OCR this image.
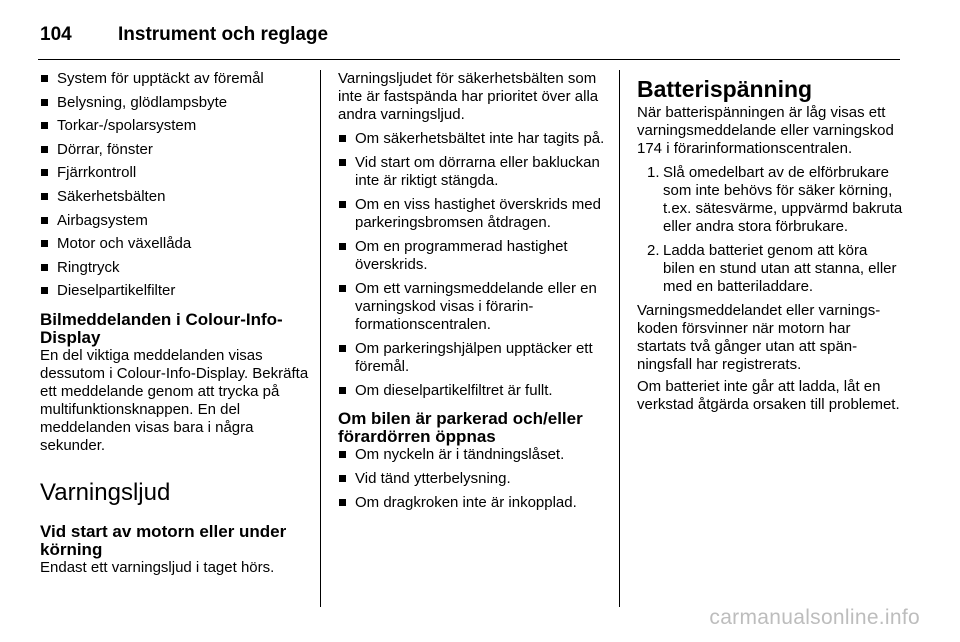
104	Instrument och reglage
System för upptäckt av föremål
Belysning, glödlampsbyte
Torkar-/spolarsystem
Dörrar, fönster
Fjärrkontroll
Säkerhetsbälten
Airbagsystem
Motor och växellåda
Ringtryck
Dieselpartikelfilter
Bilmeddelanden i Colour-Info-Display

En del viktiga meddelanden visas dessutom i Colour-Info-Display. Bekräfta ett meddelande genom att trycka på multifunktionsknappen. En del meddelanden visas bara i några sekunder.

Varningsljud
Vid start av motorn eller under körning

Endast ett varningsljud i taget hörs.

Varningsljudet för säkerhetsbälten som inte är fastspända har prioritet över alla andra varningsljud.

Om säkerhetsbältet inte har tagits på.
Vid start om dörrarna eller bakluckan inte är riktigt stängda.
Om en viss hastighet överskrids med parkeringsbromsen åtdragen.
Om en programmerad hastighet överskrids.
Om ett varningsmeddelande eller en varningskod visas i förarinformationscentralen.
Om parkeringshjälpen upptäcker ett föremål.
Om dieselpartikelfiltret är fullt.
Om bilen är parkerad och/eller förardörren öppnas
Om nyckeln är i tändningslåset.
Vid tänd ytterbelysning.
Om dragkroken inte är inkopplad.
Batterispänning

När batterispänningen är låg visas ett varningsmeddelande eller varningskod 174 i förarinformationscentralen.

1. Slå omedelbart av de elförbrukare som inte behövs för säker körning, t.ex. sätesvärme, uppvärmd bakruta eller andra stora förbrukare.
2. Ladda batteriet genom att köra bilen en stund utan att stanna, eller med en batteriladdare.

Varningsmeddelandet eller varningskoden försvinner när motorn har startats två gånger utan att spänningsfall har registrerats.

Om batteriet inte går att ladda, låt en verkstad åtgärda orsaken till problemet.

carmanualsonline.info
